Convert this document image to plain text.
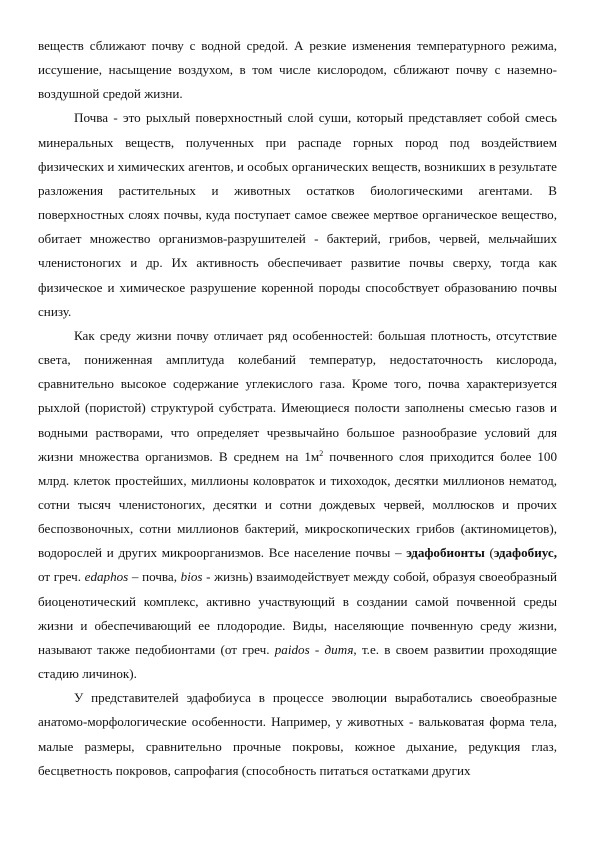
веществ сближают почву с водной средой. А резкие изменения температурного режима, иссушение, насыщение воздухом, в том числе кислородом, сближают почву с наземно-воздушной средой жизни.

Почва - это рыхлый поверхностный слой суши, который представляет собой смесь минеральных веществ, полученных при распаде горных пород под воздействием физических и химических агентов, и особых органических веществ, возникших в результате разложения растительных и животных остатков биологическими агентами. В поверхностных слоях почвы, куда поступает самое свежее мертвое органическое вещество, обитает множество организмов-разрушителей - бактерий, грибов, червей, мельчайших членистоногих и др. Их активность обеспечивает развитие почвы сверху, тогда как физическое и химическое разрушение коренной породы способствует образованию почвы снизу.

Как среду жизни почву отличает ряд особенностей: большая плотность, отсутствие света, пониженная амплитуда колебаний температур, недостаточность кислорода, сравнительно высокое содержание углекислого газа. Кроме того, почва характеризуется рыхлой (пористой) структурой субстрата. Имеющиеся полости заполнены смесью газов и водными растворами, что определяет чрезвычайно большое разнообразие условий для жизни множества организмов. В среднем на $1м^2$ почвенного слоя приходится более 100 млрд. клеток простейших, миллионы коловраток и тихоходок, десятки миллионов нематод, сотни тысяч членистоногих, десятки и сотни дождевых червей, моллюсков и прочих беспозвоночных, сотни миллионов бактерий, микроскопических грибов (актиномицетов), водорослей и других микроорганизмов. Все население почвы – эдафобионты (эдафобиус, от греч. edaphos – почва, bios - жизнь) взаимодействует между собой, образуя своеобразный биоценотический комплекс, активно участвующий в создании самой почвенной среды жизни и обеспечивающий ее плодородие. Виды, населяющие почвенную среду жизни, называют также педобионтами (от греч. paidos - дитя, т.е. в своем развитии проходящие стадию личинок).

У представителей эдафобиуса в процессе эволюции выработались своеобразные анатомо-морфологические особенности. Например, у животных - вальковатая форма тела, малые размеры, сравнительно прочные покровы, кожное дыхание, редукция глаз, бесцветность покровов, сапрофагия (способность питаться остатками других
